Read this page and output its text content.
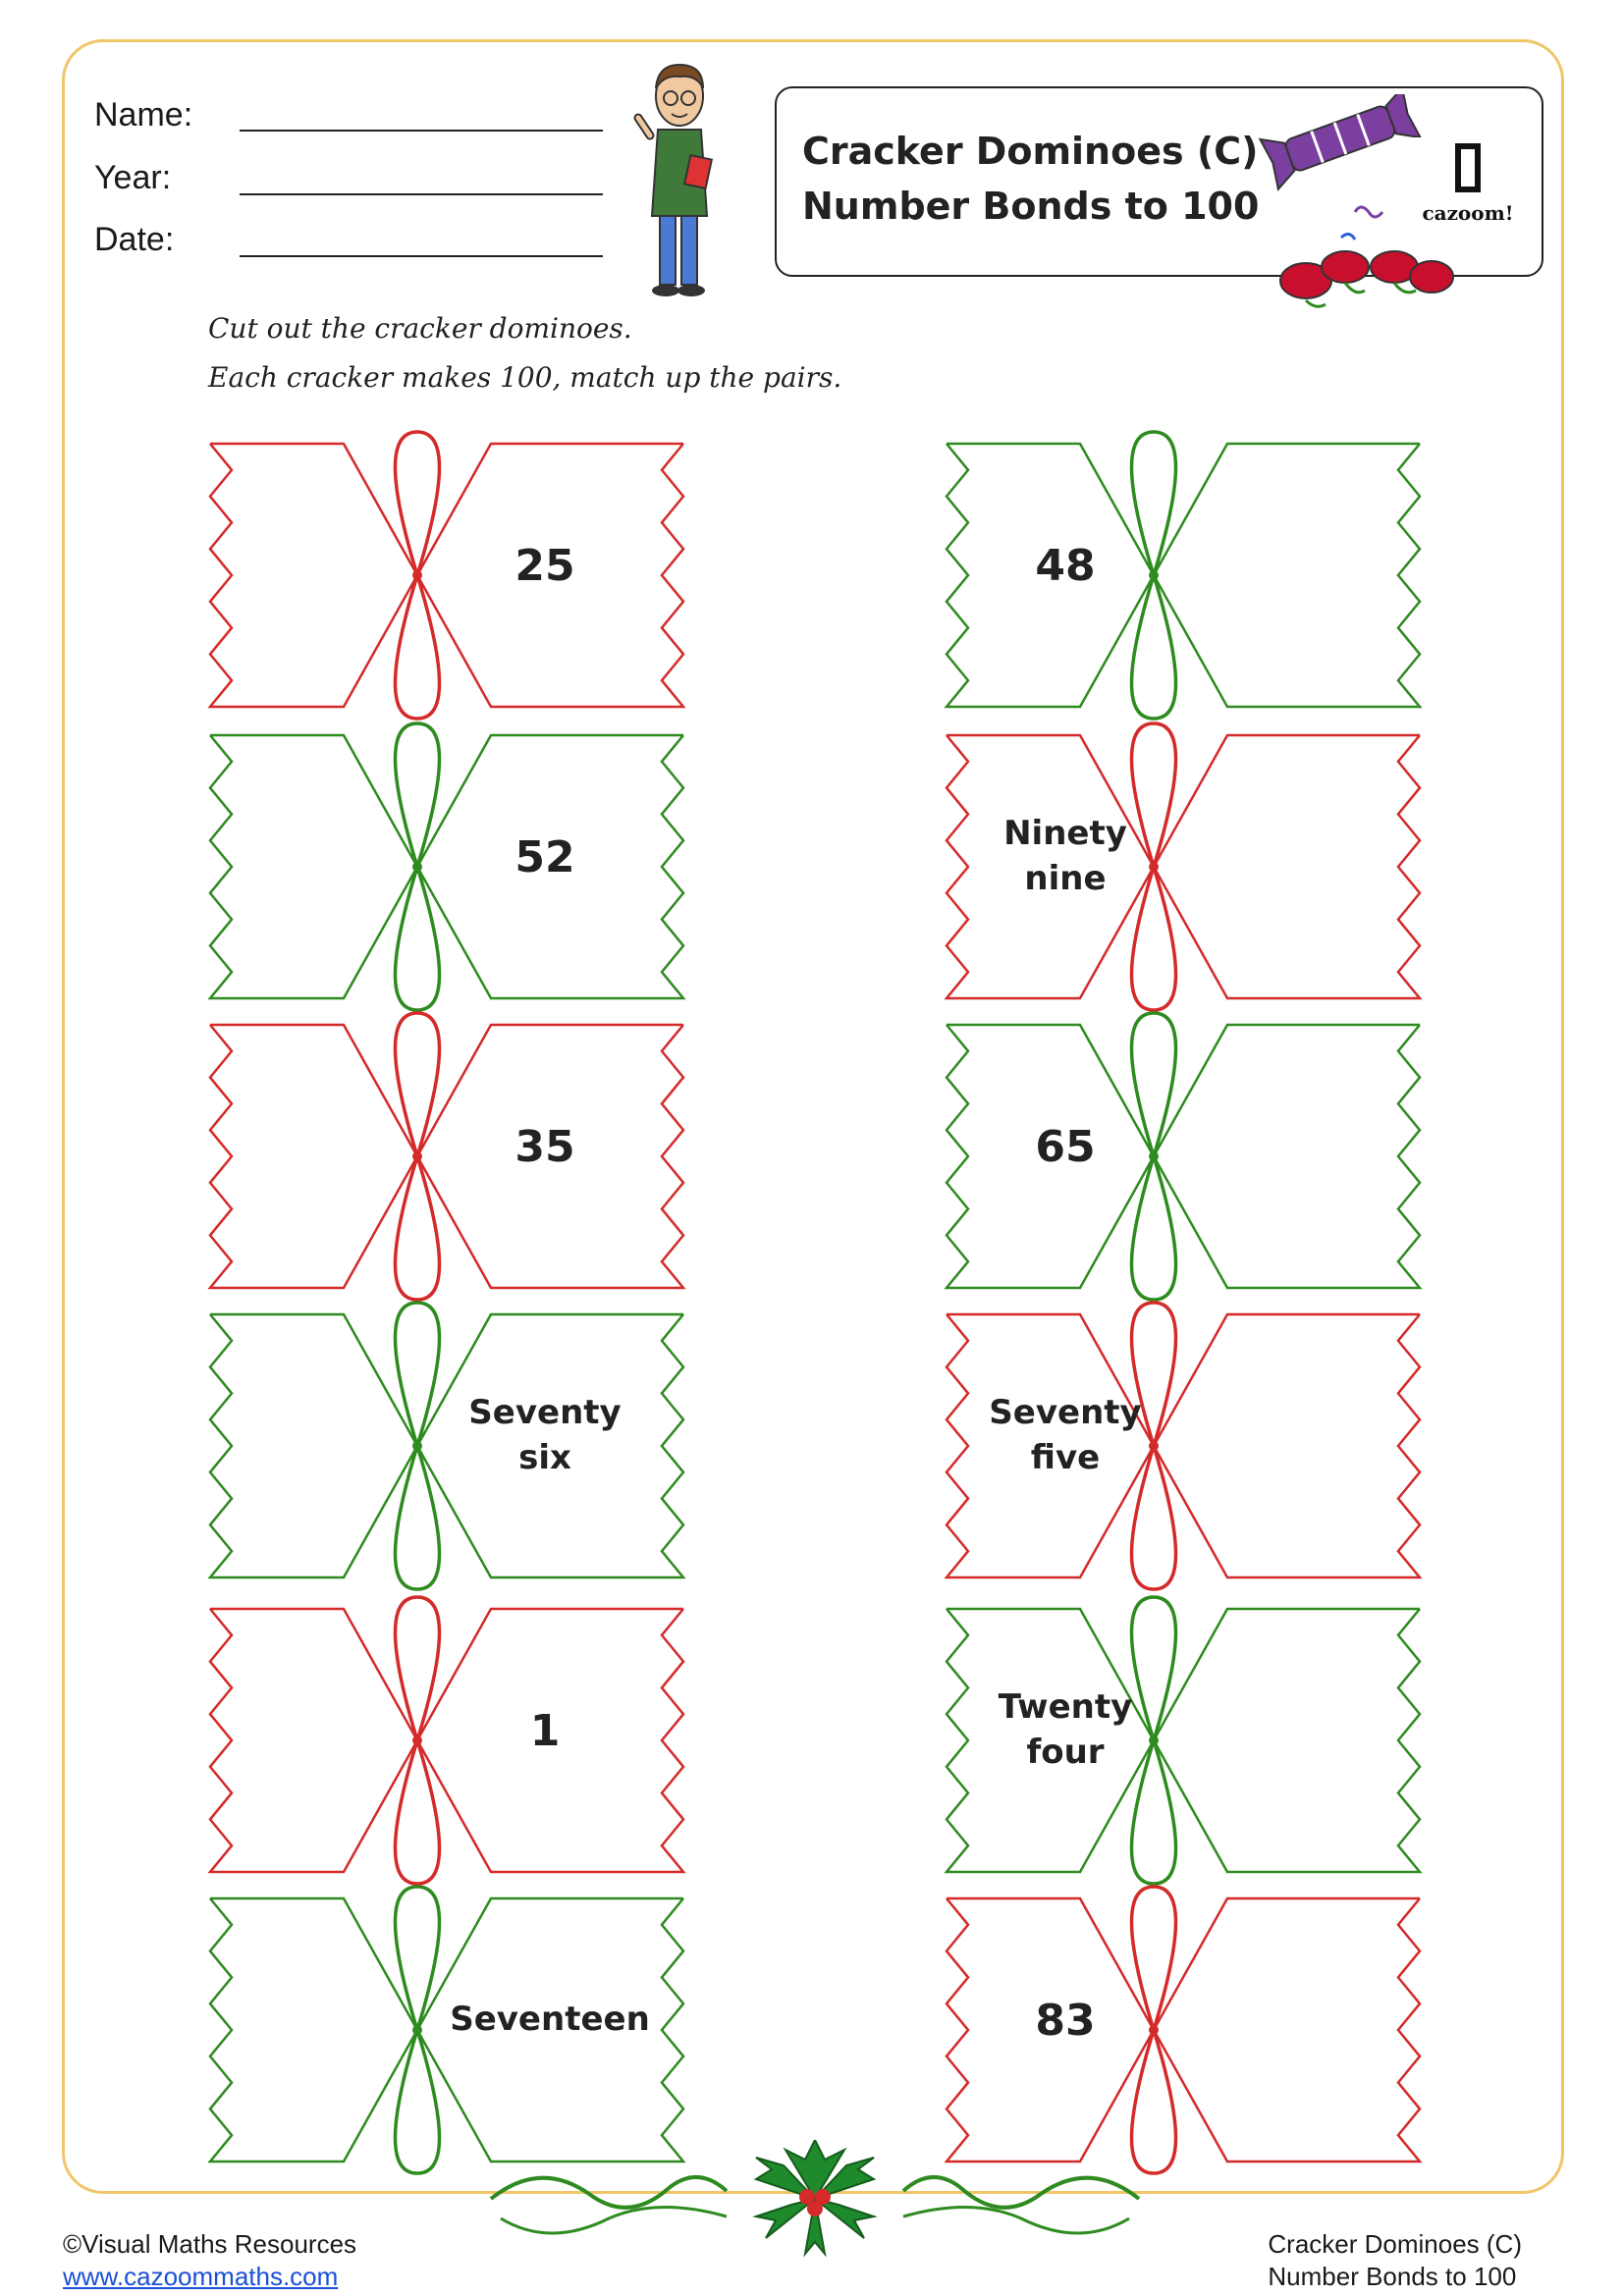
Name:
Year:
Date:
Cracker Dominoes (C)
Number Bonds to 100	cazoom!
Cut out the cracker dominoes.
Each cracker makes 100, match up the pairs.
25	48
52	Ninety
nine
35	65
Seventy
six
Seventy
five
1	Twenty
four
Seventeen	83
©Visual Maths Resources
www.cazoommaths.com
Cracker Dominoes (C)
Number Bonds to 100
